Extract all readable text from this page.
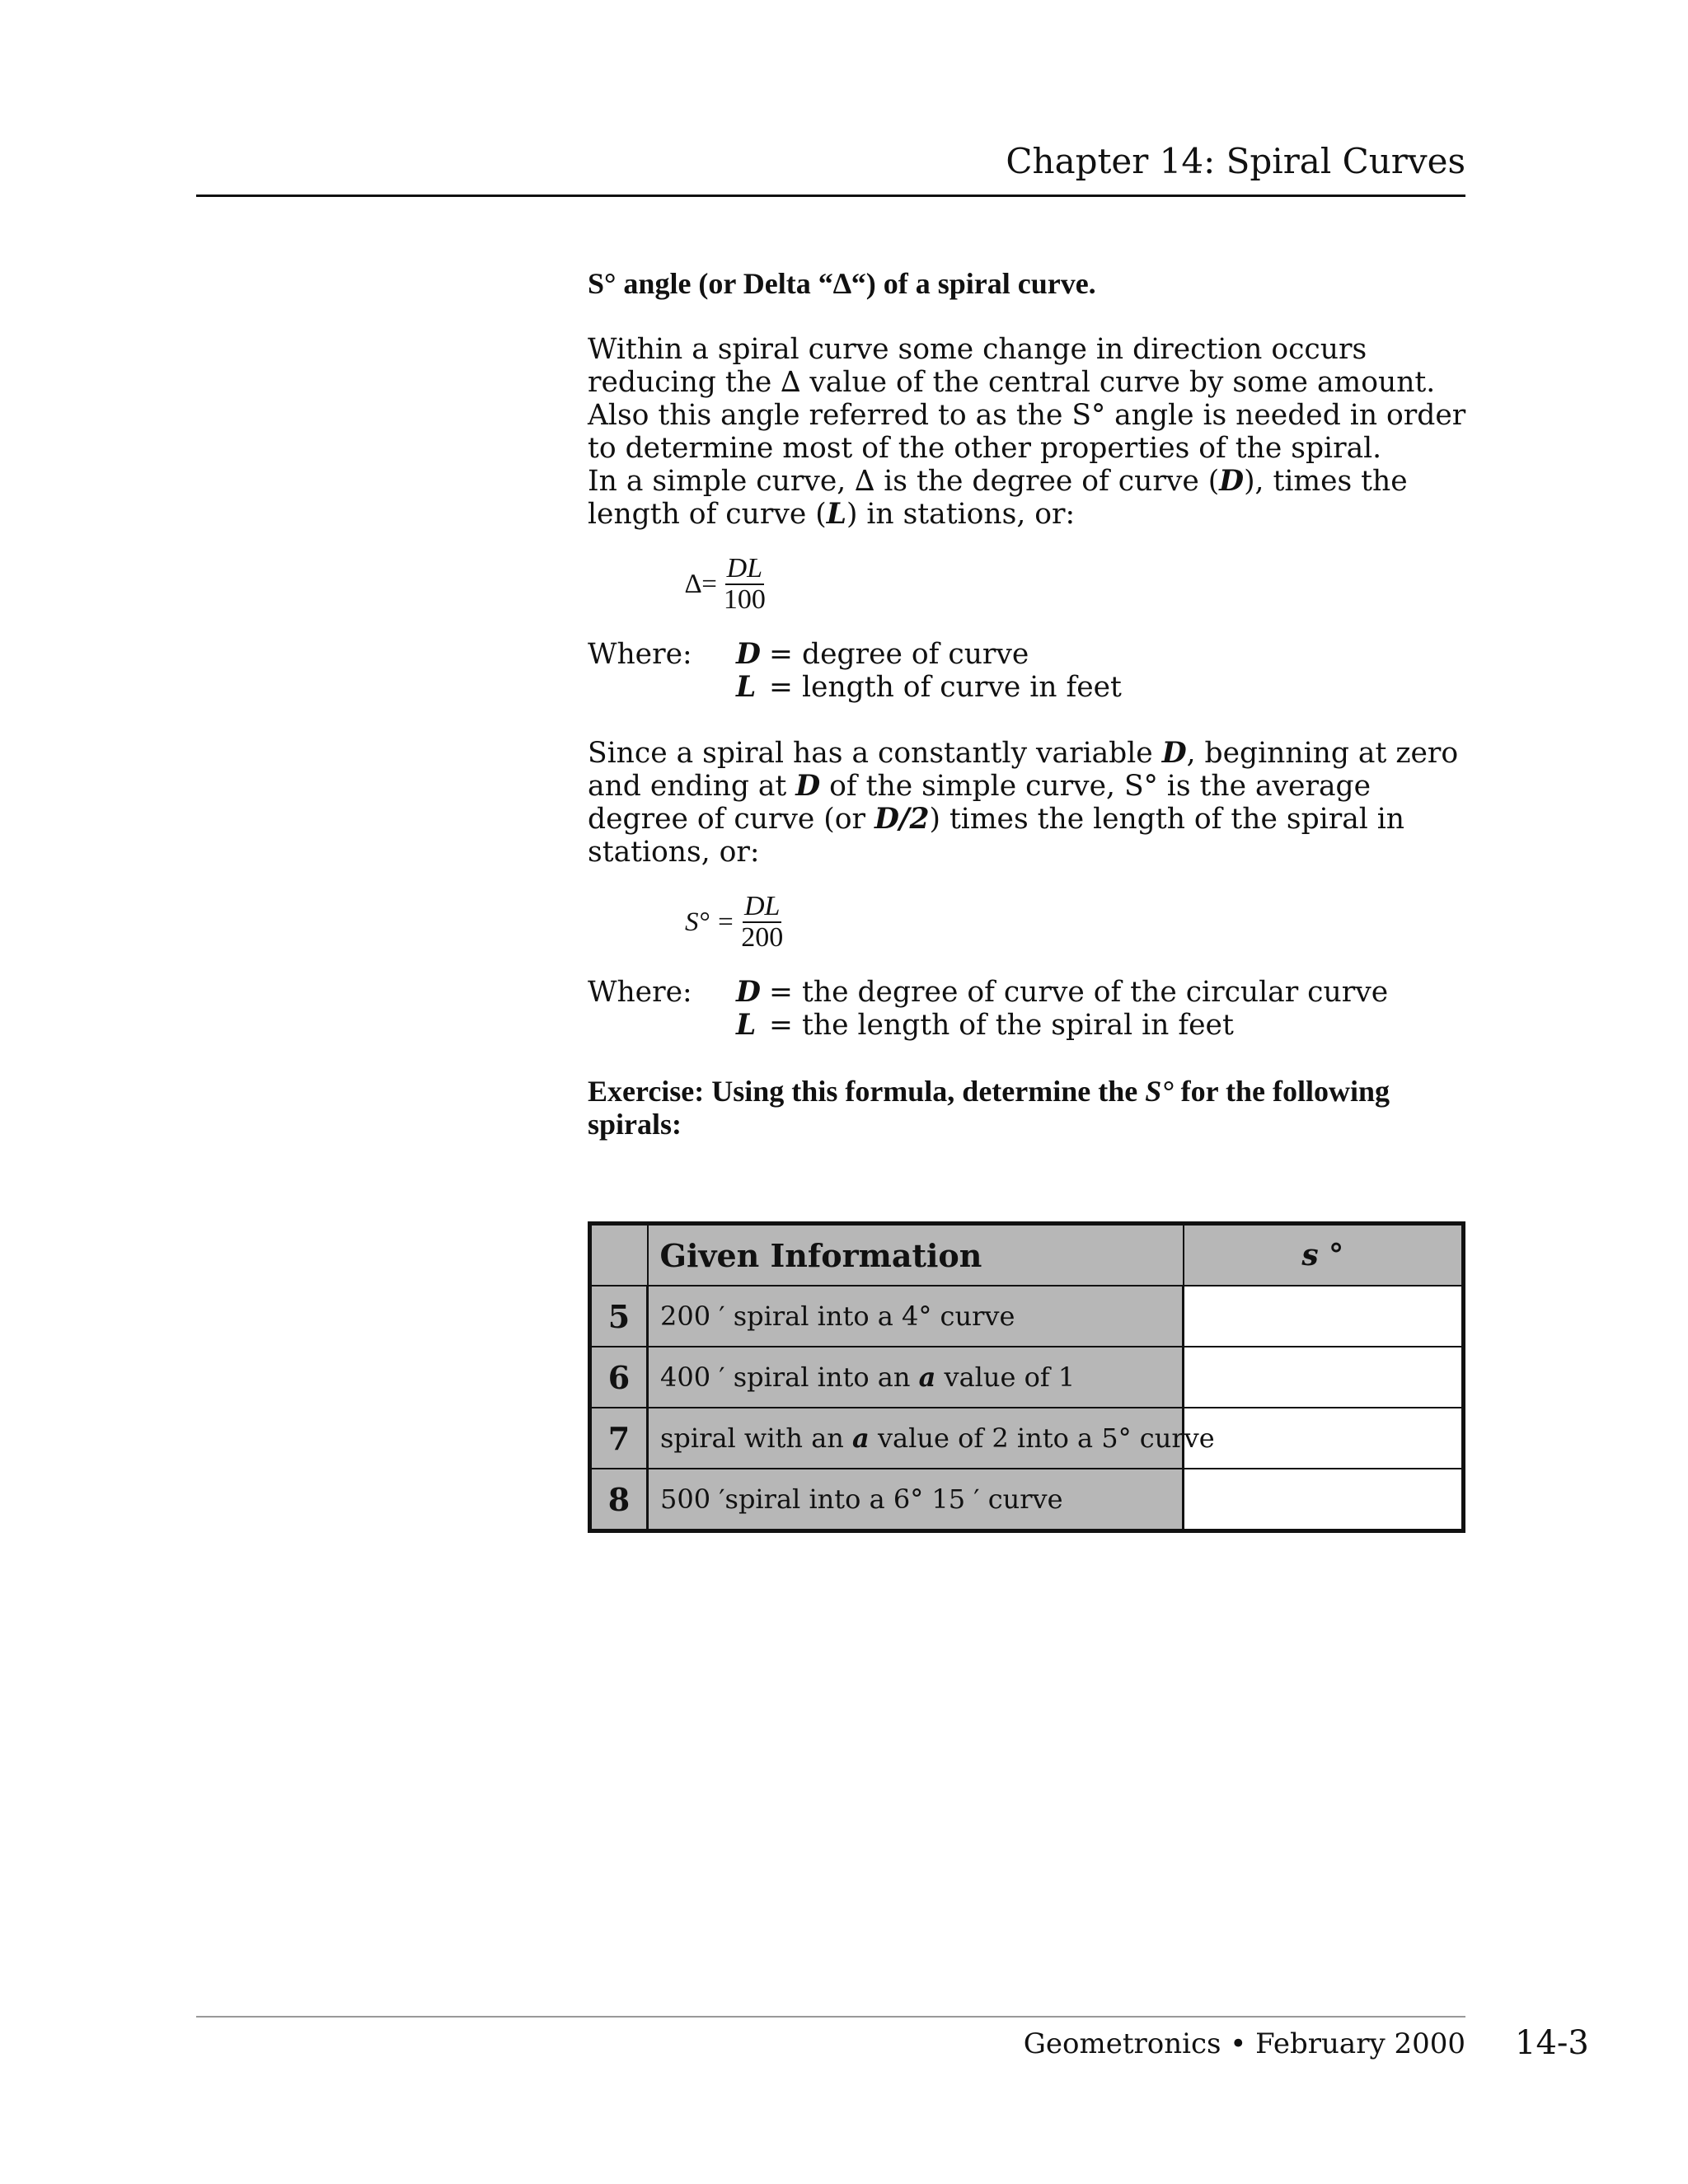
Chapter 14: Spiral Curves

S° angle (or Delta “∆“) of a spiral curve.

Within a spiral curve some change in direction occurs reducing the ∆ value of the central curve by some amount. Also this angle referred to as the S° angle is needed in order to determine most of the other properties of the spiral.

In a simple curve, ∆ is the degree of curve (D), times the length of curve (L) in stations, or:

∆= $\frac{DL}{100}$
Where:	D = degree of curve
L = length of curve in feet

Since a spiral has a constantly variable D, beginning at zero and ending at D of the simple curve, S° is the average degree of curve (or D/2) times the length of the spiral in stations, or:

$S^\circ = \frac{DL}{200}$
Where:	D = the degree of curve of the circular curve
L = the length of the spiral in feet

Exercise: Using this formula, determine the S° for the following spirals:

	Given Information	s °
5	200 ′ spiral into a 4° curve	
6	400 ′ spiral into an a value of 1	
7	spiral with an a value of 2 into a 5° curve	
8	500 ′spiral into a 6° 15 ′ curve	
Geometronics • February 2000 14-3
